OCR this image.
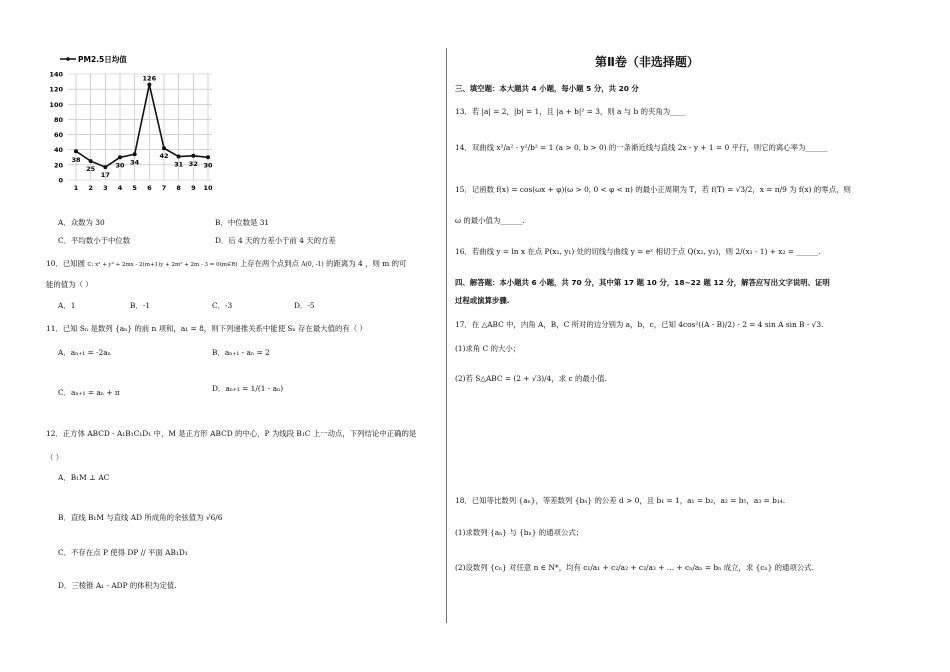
PM2.5日均值
0
20
40
60
80
100
120
140
1 2 3 4 5 6 7 8 9 10
38
25
17
30 34
126
42
31 32 30
A．众数为 30	B．中位数是 31
C．平均数小于中位数	D．后 4 天的方差小于前 4 天的方差
10．已知圆 C: x² + y² + 2mx - 2(m+1)y + 2m² + 2m - 3 = 0(m∈R) 上存在两个点到点 A(0, -1) 的距离为 4 ，则 m 的可
能的值为（ ）
A．1	B．-1	C．-3	D．-5
11．已知 Sₙ 是数列 {aₙ} 的前 n 项和，a₁ = 8，则下列递推关系中能使 Sₙ 存在最大值的有（ ）
A．aₙ₊₁ = -2aₙ	B．aₙ₊₁ - aₙ = 2
C．aₙ₊₁ = aₙ + π	D．aₙ₊₁ = 1/(1 - aₙ)
12．正方体 ABCD - A₁B₁C₁D₁ 中，M 是正方形 ABCD 的中心，P 为线段 B₁C 上一动点，下列结论中正确的是
（ ）
A．B₁M ⊥ AC
B．直线 B₁M 与直线 AD 所成角的余弦值为 √6/6
C．不存在点 P 使得 DP // 平面 AB₁D₁
D．三棱锥 A₁ - ADP 的体积为定值.
第Ⅱ卷（非选择题）
三、填空题：本大题共 4 小题，每小题 5 分，共 20 分
13．若 |a| = 2，|b| = 1，且 |a + b|² = 3，则 a 与 b 的夹角为____
14．双曲线 x²/a² - y²/b² = 1 (a > 0, b > 0) 的一条渐近线与直线 2x - y + 1 = 0 平行，则它的离心率为______
15．记函数 f(x) = cos(ωx + φ)(ω > 0, 0 < φ < π) 的最小正周期为 T，若 f(T) = √3/2，x = π/9 为 f(x) 的零点，则
ω 的最小值为______.
16．若曲线 y = ln x 在点 P(x₁, y₁) 处的切线与曲线 y = eˣ 相切于点 Q(x₂, y₂)，则 2/(x₁ - 1) + x₂ = ______.
四、解答题：本小题共 6 小题，共 70 分，其中第 17 题 10 分，18~22 题 12 分，解答应写出文字说明、证明
过程或演算步骤.
17．在 △ABC 中，内角 A，B，C 所对的边分别为 a，b，c，已知 4cos²((A - B)/2) - 2 = 4 sin A sin B - √3.
(1)求角 C 的大小；
(2)若 S△ABC = (2 + √3)/4，求 c 的最小值.
18．已知等比数列 {aₙ}，等差数列 {bₙ} 的公差 d > 0，且 b₁ = 1，a₁ = b₂，a₂ = b₅，a₃ = b₁₄.
(1)求数列 {aₙ} 与 {bₙ} 的通项公式；
(2)设数列 {cₙ} 对任意 n ∈ N*，均有 c₁/a₁ + c₂/a₂ + c₃/a₃ + … + cₙ/aₙ = bₙ 成立，求 {cₙ} 的通项公式.
